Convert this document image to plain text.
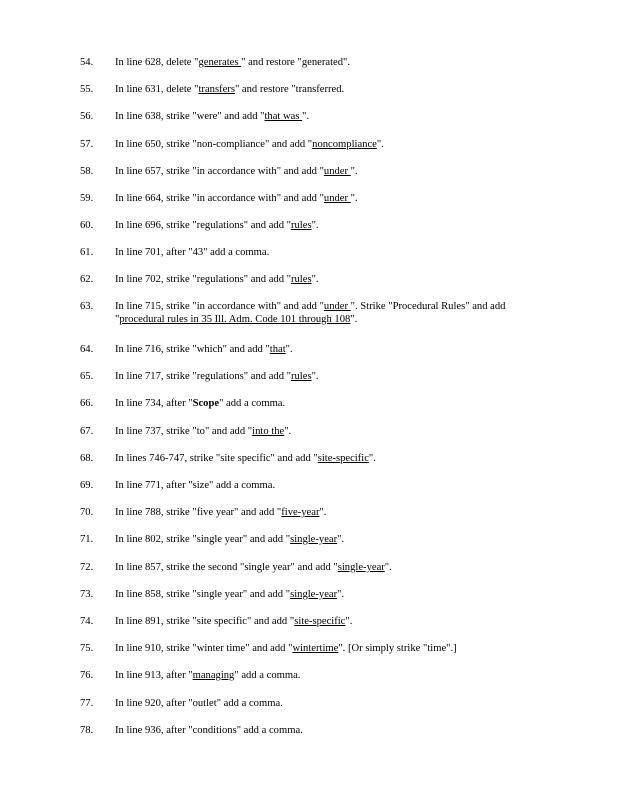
54.	In line 628, delete "generates " and restore "generated".
55.	In line 631, delete "transfers" and restore "transferred.
56.	In line 638, strike "were" and add "that was ".
57.	In line 650, strike "non-compliance" and add "noncompliance".
58.	In line 657, strike "in accordance with" and add "under ".
59.	In line 664, strike "in accordance with" and add "under ".
60.	In line 696, strike "regulations" and add "rules".
61.	In line 701, after "43" add a comma.
62.	In line 702, strike "regulations" and add "rules".
63.	In line 715, strike "in accordance with" and add "under ". Strike "Procedural Rules" and add
"procedural rules in 35 Ill. Adm. Code 101 through 108".
64.	In line 716, strike "which" and add "that".
65.	In line 717, strike "regulations" and add "rules".
66.	In line 734, after "Scope" add a comma.
67.	In line 737, strike "to" and add "into the".
68.	In lines 746-747, strike "site specific" and add "site-specific".
69.	In line 771, after "size" add a comma.
70.	In line 788, strike "five year" and add "five-year".
71.	In line 802, strike "single year" and add "single-year".
72.	In line 857, strike the second "single year" and add "single-year".
73.	In line 858, strike "single year" and add "single-year".
74.	In line 891, strike "site specific" and add "site-specific".
75.	In line 910, strike "winter time" and add "wintertime". [Or simply strike "time".]
76.	In line 913, after "managing" add a comma.
77.	In line 920, after "outlet" add a comma.
78.	In line 936, after "conditions" add a comma.
